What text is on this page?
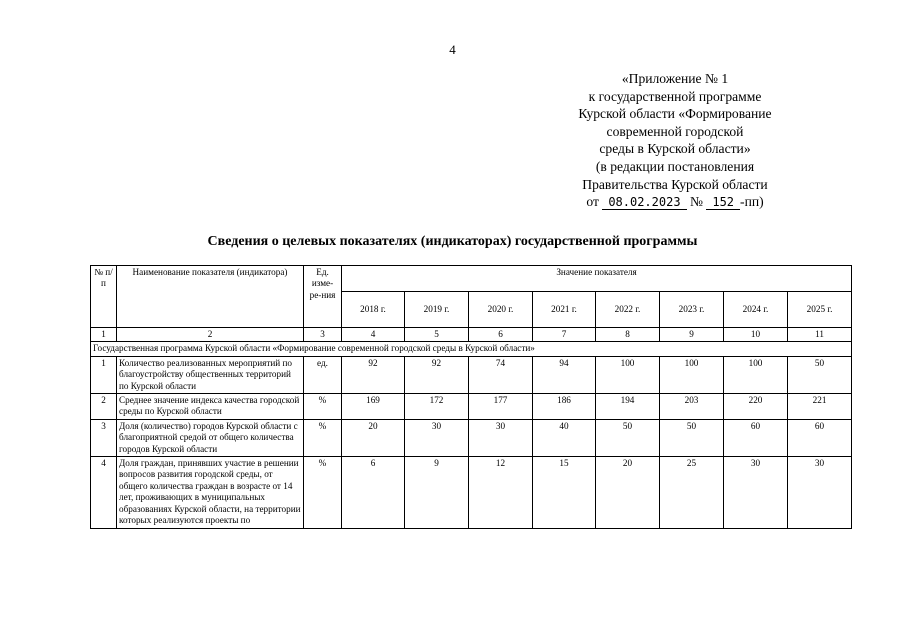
4
«Приложение № 1
к государственной программе
Курской области «Формирование
современной городской
среды в Курской области»
(в редакции постановления
Правительства Курской области
от 08.02.2023 № 152 -пп)
Сведения о целевых показателях (индикаторах) государственной программы
№ п/п	Наименование показателя (индикатора)	Ед. изме-ре-ния	Значение показателя							
			2018 г.	2019 г.	2020 г.	2021 г.	2022 г.	2023 г.	2024 г.	2025 г.
1	2	3	4	5	6	7	8	9	10	11
Государственная программа Курской области «Формирование современной городской среды в Курской области»										
1	Количество реализованных мероприятий по благоустройству общественных территорий по Курской области	ед.	92	92	74	94	100	100	100	50
2	Среднее значение индекса качества городской среды по Курской области	%	169	172	177	186	194	203	220	221
3	Доля (количество) городов Курской области с благоприятной средой от общего количества городов Курской области	%	20	30	30	40	50	50	60	60
4	Доля граждан, принявших участие в решении вопросов развития городской среды, от общего количества граждан в возрасте от 14 лет, проживающих в муниципальных образованиях Курской области, на территории которых реализуются проекты по	%	6	9	12	15	20	25	30	30
